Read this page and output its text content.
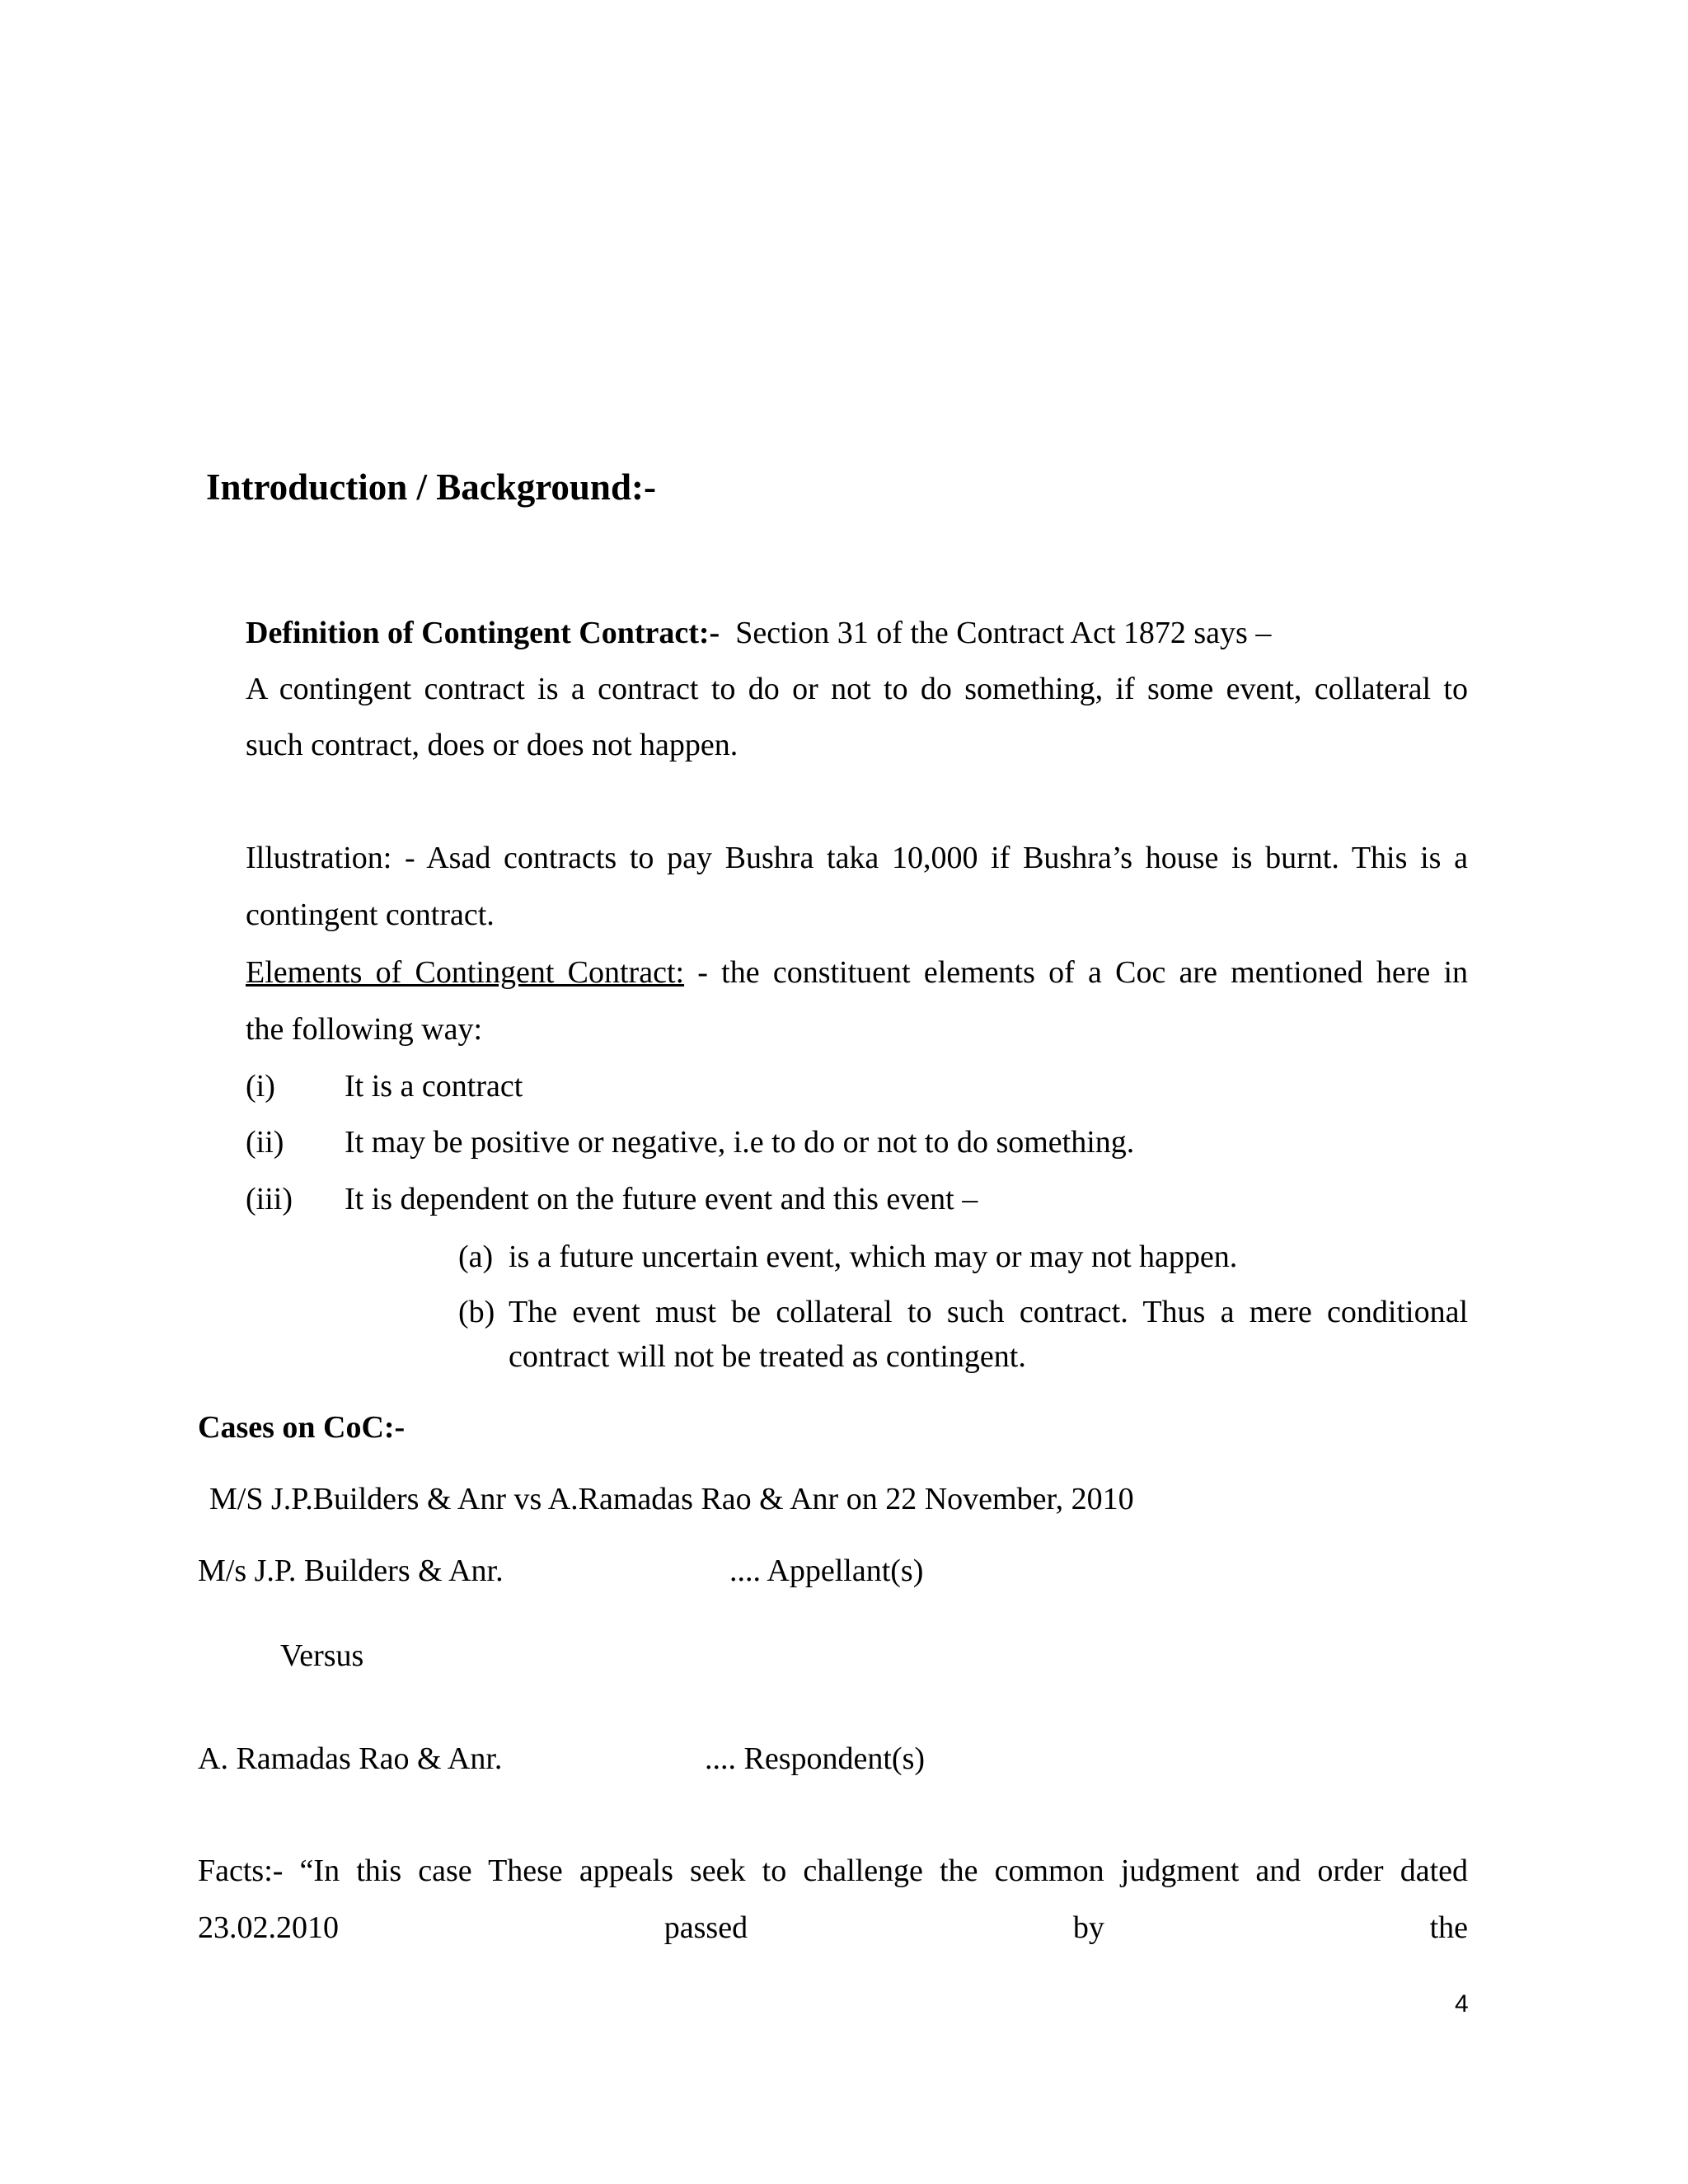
Introduction / Background:-
Definition of Contingent Contract:- Section 31 of the Contract Act 1872 says –
A contingent contract is a contract to do or not to do something, if some event, collateral to
such contract, does or does not happen.
Illustration: - Asad contracts to pay Bushra taka 10,000 if Bushra’s house is burnt. This is a
contingent contract.
Elements of Contingent Contract: - the constituent elements of a Coc are mentioned here in
the following way:
(i) It is a contract
(ii) It may be positive or negative, i.e to do or not to do something.
(iii) It is dependent on the future event and this event –
(a) is a future uncertain event, which may or may not happen.
(b) The event must be collateral to such contract. Thus a mere conditional
contract will not be treated as contingent.
Cases on CoC:-
M/S J.P.Builders & Anr vs A.Ramadas Rao & Anr on 22 November, 2010
M/s J.P. Builders & Anr.	.... Appellant(s)
Versus
A. Ramadas Rao & Anr.	.... Respondent(s)
Facts:- “In this case These appeals seek to challenge the common judgment and order dated
23.02.2010 passed by the
4
